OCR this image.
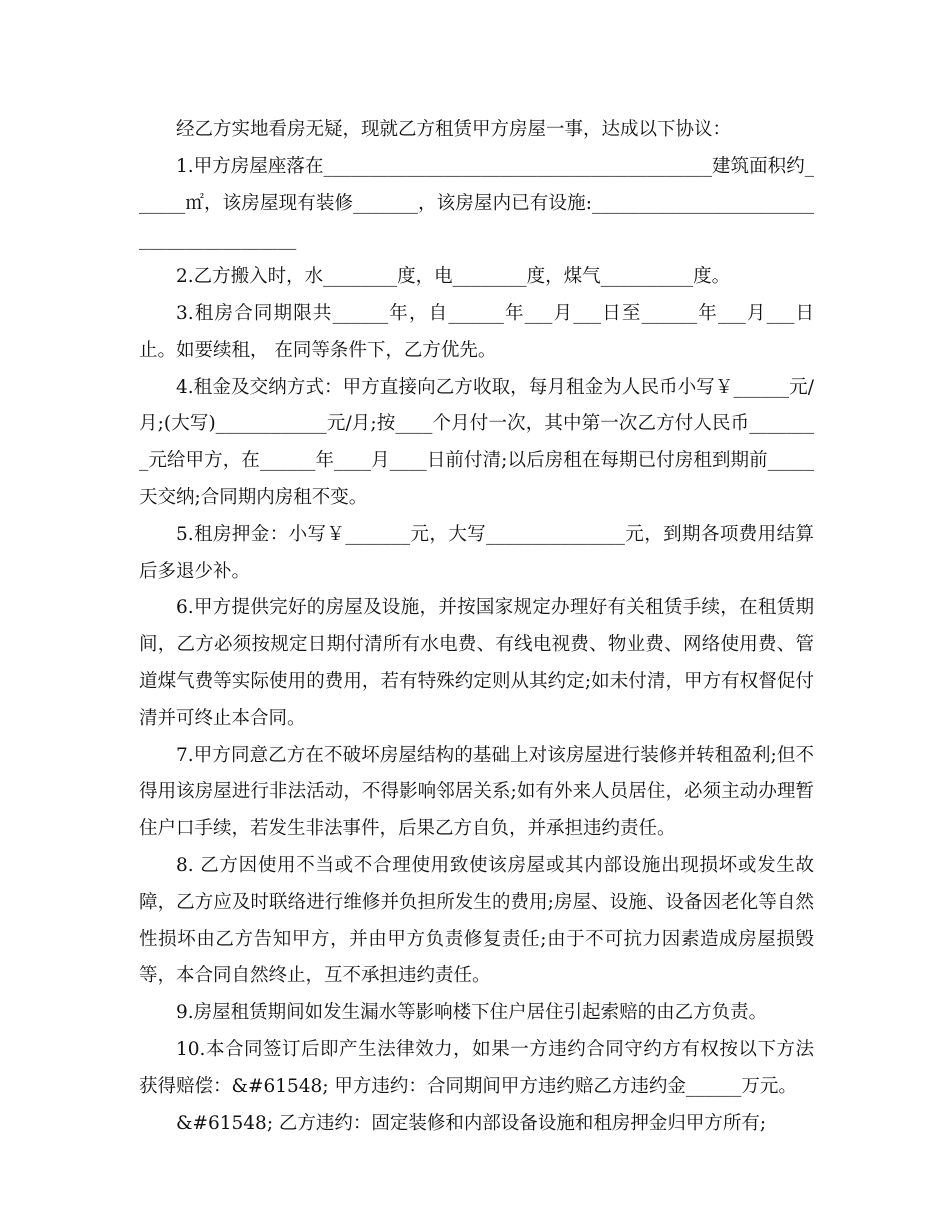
经乙方实地看房无疑，现就乙方租赁甲方房屋一事，达成以下协议：

1.甲方房屋座落在__________________________________________建筑面积约______㎡，该房屋现有装修_______，该房屋内已有设施:_________________________________________

2.乙方搬入时，水________度，电________度，煤气__________度。

3.租房合同期限共______年，自______年___月___日至______年___月___日止。如要续租， 在同等条件下，乙方优先。

4.租金及交纳方式：甲方直接向乙方收取，每月租金为人民币小写￥______元/月;(大写)____________元/月;按____个月付一次，其中第一次乙方付人民币________元给甲方，在______年____月____日前付清;以后房租在每期已付房租到期前_____天交纳;合同期内房租不变。

5.租房押金：小写￥_______元，大写_______________元，到期各项费用结算后多退少补。

6.甲方提供完好的房屋及设施，并按国家规定办理好有关租赁手续，在租赁期间，乙方必须按规定日期付清所有水电费、有线电视费、物业费、网络使用费、管道煤气费等实际使用的费用，若有特殊约定则从其约定;如未付清，甲方有权督促付清并可终止本合同。

7.甲方同意乙方在不破坏房屋结构的基础上对该房屋进行装修并转租盈利;但不得用该房屋进行非法活动，不得影响邻居关系;如有外来人员居住，必须主动办理暂住户口手续，若发生非法事件，后果乙方自负，并承担违约责任。

8. 乙方因使用不当或不合理使用致使该房屋或其内部设施出现损坏或发生故障，乙方应及时联络进行维修并负担所发生的费用;房屋、设施、设备因老化等自然性损坏由乙方告知甲方，并由甲方负责修复责任;由于不可抗力因素造成房屋损毁等，本合同自然终止，互不承担违约责任。

9.房屋租赁期间如发生漏水等影响楼下住户居住引起索赔的由乙方负责。

10.本合同签订后即产生法律效力，如果一方违约合同守约方有权按以下方法获得赔偿：&#61548; 甲方违约：合同期间甲方违约赔乙方违约金______万元。

&#61548; 乙方违约：固定装修和内部设备设施和租房押金归甲方所有;
